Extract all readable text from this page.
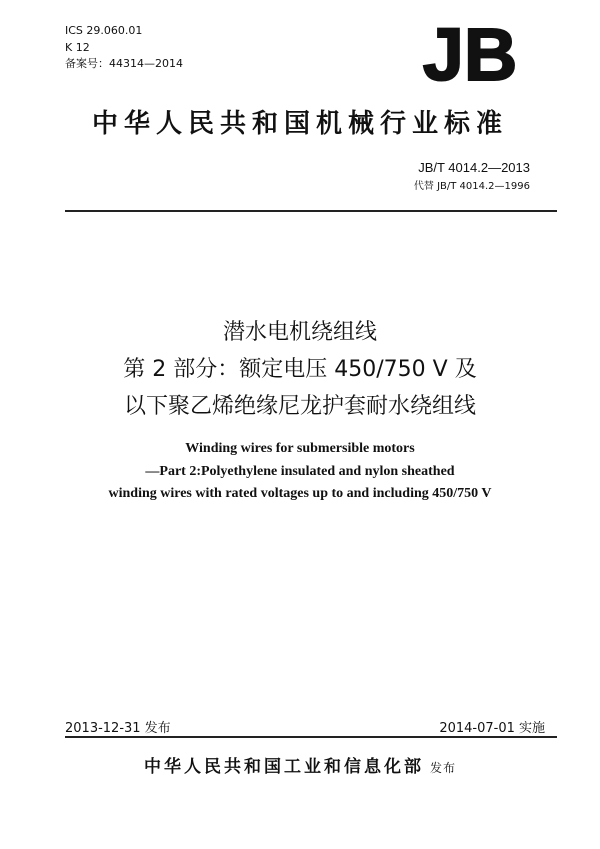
ICS 29.060.01
K 12
备案号：44314—2014	JB
中华人民共和国机械行业标准
JB/T 4014.2—2013
代替 JB/T 4014.2—1996
潜水电机绕组线
第 2 部分：额定电压 450/750 V 及
以下聚乙烯绝缘尼龙护套耐水绕组线
Winding wires for submersible motors
—Part 2:Polyethylene insulated and nylon sheathed
winding wires with rated voltages up to and including 450/750 V
2013-12-31 发布	2014-07-01 实施
中华人民共和国工业和信息化部 发布
